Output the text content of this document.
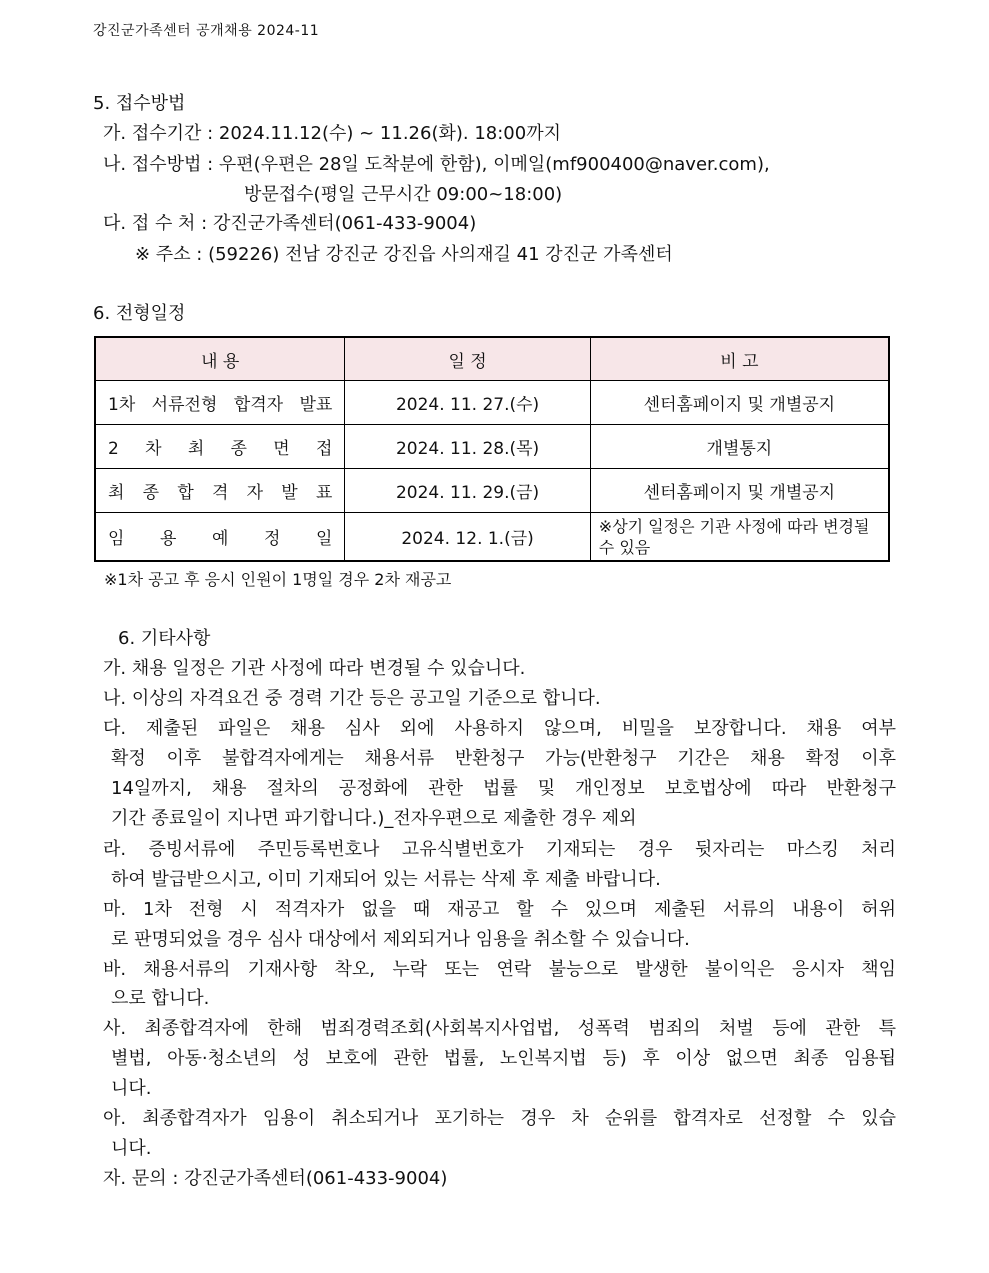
강진군가족센터 공개채용 2024-11
5. 접수방법
가. 접수기간 : 2024.11.12(수) ~ 11.26(화). 18:00까지
나. 접수방법 : 우편(우편은 28일 도착분에 한함), 이메일(mf900400@naver.com),
방문접수(평일 근무시간 09:00~18:00)
다. 접 수 처 : 강진군가족센터(061-433-9004)
※ 주소 : (59226) 전남 강진군 강진읍 사의재길 41 강진군 가족센터
6. 전형일정
내 용	일 정	비 고

1차 서류전형 합격자 발표	2024. 11. 27.(수)	센터홈페이지 및 개별공지

2 차 최 종 면 접	2024. 11. 28.(목)	개별통지

최 종 합 격 자 발 표	2024. 11. 29.(금)	센터홈페이지 및 개별공지

임 용 예 정 일	2024. 12. 1.(금)	※상기 일정은 기관 사정에 따라 변경될 수 있음
※1차 공고 후 응시 인원이 1명일 경우 2차 재공고
6. 기타사항
가. 채용 일정은 기관 사정에 따라 변경될 수 있습니다.
나. 이상의 자격요건 중 경력 기간 등은 공고일 기준으로 합니다.
다. 제출된 파일은 채용 심사 외에 사용하지 않으며, 비밀을 보장합니다. 채용 여부
확정 이후 불합격자에게는 채용서류 반환청구 가능(반환청구 기간은 채용 확정 이후
14일까지, 채용 절차의 공정화에 관한 법률 및 개인정보 보호법상에 따라 반환청구
기간 종료일이 지나면 파기합니다.)_전자우편으로 제출한 경우 제외
라. 증빙서류에 주민등록번호나 고유식별번호가 기재되는 경우 뒷자리는 마스킹 처리
하여 발급받으시고, 이미 기재되어 있는 서류는 삭제 후 제출 바랍니다.
마. 1차 전형 시 적격자가 없을 때 재공고 할 수 있으며 제출된 서류의 내용이 허위
로 판명되었을 경우 심사 대상에서 제외되거나 임용을 취소할 수 있습니다.
바. 채용서류의 기재사항 착오, 누락 또는 연락 불능으로 발생한 불이익은 응시자 책임
으로 합니다.
사. 최종합격자에 한해 범죄경력조회(사회복지사업법, 성폭력 범죄의 처벌 등에 관한 특
별법, 아동·청소년의 성 보호에 관한 법률, 노인복지법 등) 후 이상 없으면 최종 임용됩
니다.
아. 최종합격자가 임용이 취소되거나 포기하는 경우 차 순위를 합격자로 선정할 수 있습
니다.
자. 문의 : 강진군가족센터(061-433-9004)
